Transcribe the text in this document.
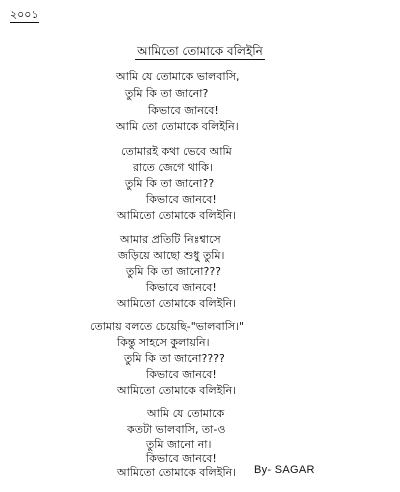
২০০১
আমিতো তোমাকে বলিইনি
আমি যে তোমাকে ভালবাসি,
তুমি কি তা জানো?
কিভাবে জানবে!
আমি তো তোমাকে বলিইনি।
তোমারই কথা ভেবে আমি
রাতে জেগে থাকি।
তুমি কি তা জানো??
কিভাবে জানবে!
আমিতো তোমাকে বলিইনি।
আমার প্রতিটি নিঃশ্বাসে
জড়িয়ে আছো শুধু তুমি।
তুমি কি তা জানো???
কিভাবে জানবে!
আমিতো তোমাকে বলিইনি।
তোমায় বলতে চেয়েছি-"ভালবাসি।"
কিন্তু সাহসে কুলায়নি।
তুমি কি তা জানো????
কিভাবে জানবে!
আমিতো তোমাকে বলিইনি।
আমি যে তোমাকে
কতটা ভালবাসি, তা-ও
তুমি জানো না।
কিভাবে জানবে!
আমিতো তোমাকে বলিইনি। By- SAGAR
